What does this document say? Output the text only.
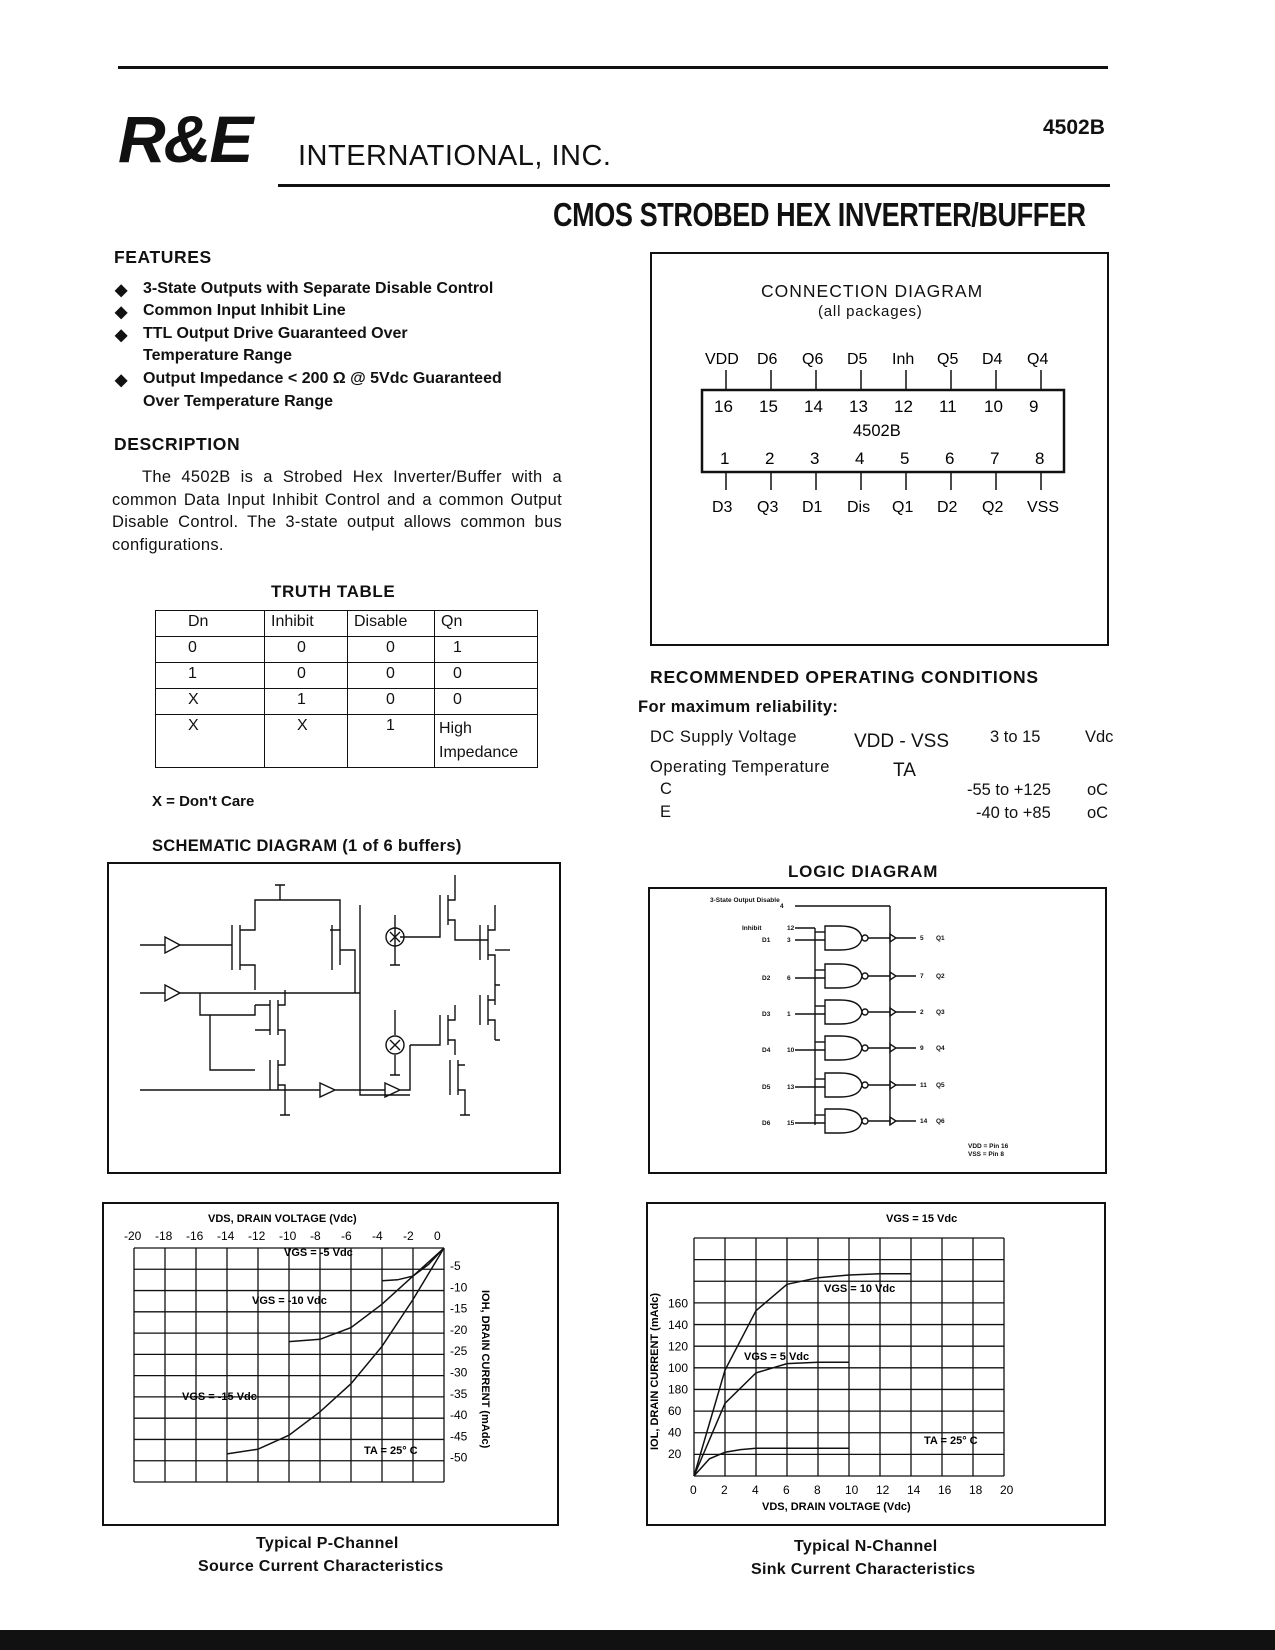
R&E INTERNATIONAL, INC.
4502B
CMOS STROBED HEX INVERTER/BUFFER
FEATURES
◆ 3-State Outputs with Separate Disable Control
◆ Common Input Inhibit Line
◆ TTL Output Drive Guaranteed Over
Temperature Range
◆ Output Impedance < 200 Ω @ 5Vdc Guaranteed
Over Temperature Range
DESCRIPTION
The 4502B is a Strobed Hex Inverter/Buffer with a common Data Input Inhibit Control and a common Output Disable Control. The 3-state output allows common bus configurations.
TRUTH TABLE
Dn	Inhibit	Disable	Qn
0	0	0	1
1	0	0	0
X	1	0	0
X	X	1	High Impedance
X = Don't Care
CONNECTION DIAGRAM
(all packages)
VDD D6 Q6 D5 Inh Q5 D4 Q4
16
1
15
2
14
3
13
4
12
5
11
6
10
7
9
8
4502B
D3 Q3 D1 Dis Q1 D2 Q2 VSS
RECOMMENDED OPERATING CONDITIONS
For maximum reliability:
DC Supply Voltage	VDD - VSS 3 to 15	Vdc
Operating Temperature	TA
C	-55 to +125 oC
E	-40 to +85 oC
SCHEMATIC DIAGRAM (1 of 6 buffers)
LOGIC DIAGRAM
3-State Output Disable
4
Inhibit	12
D1	3	5 Q1
D2	6	7 Q2
D3	1	2 Q3
D4	10	9 Q4
D5	13	11 Q5
D6	15	14 Q6
VDD = Pin 16
VSS = Pin 8
-20 -18 -16 -14 -12 -10 -8 -6 -4 -2 0
-5
-10
-15
-20
-25
-30
-35
-40
-45
-50
VDS, DRAIN VOLTAGE (Vdc)
IOH, DRAIN CURRENT (mAdc)
VGS = -5 Vdc
VGS = -10 Vdc
VGS = -15 Vdc
TA = 25° C
Typical P-Channel
Source Current Characteristics
0 2 4 6 8 10 12 14 16 18 20
20
40
60
180
100
120
140
160
VDS, DRAIN VOLTAGE (Vdc)
IOL, DRAIN CURRENT (mAdc)
VGS = 15 Vdc
VGS = 10 Vdc
VGS = 5 Vdc
TA = 25° C
Typical N-Channel
Sink Current Characteristics
